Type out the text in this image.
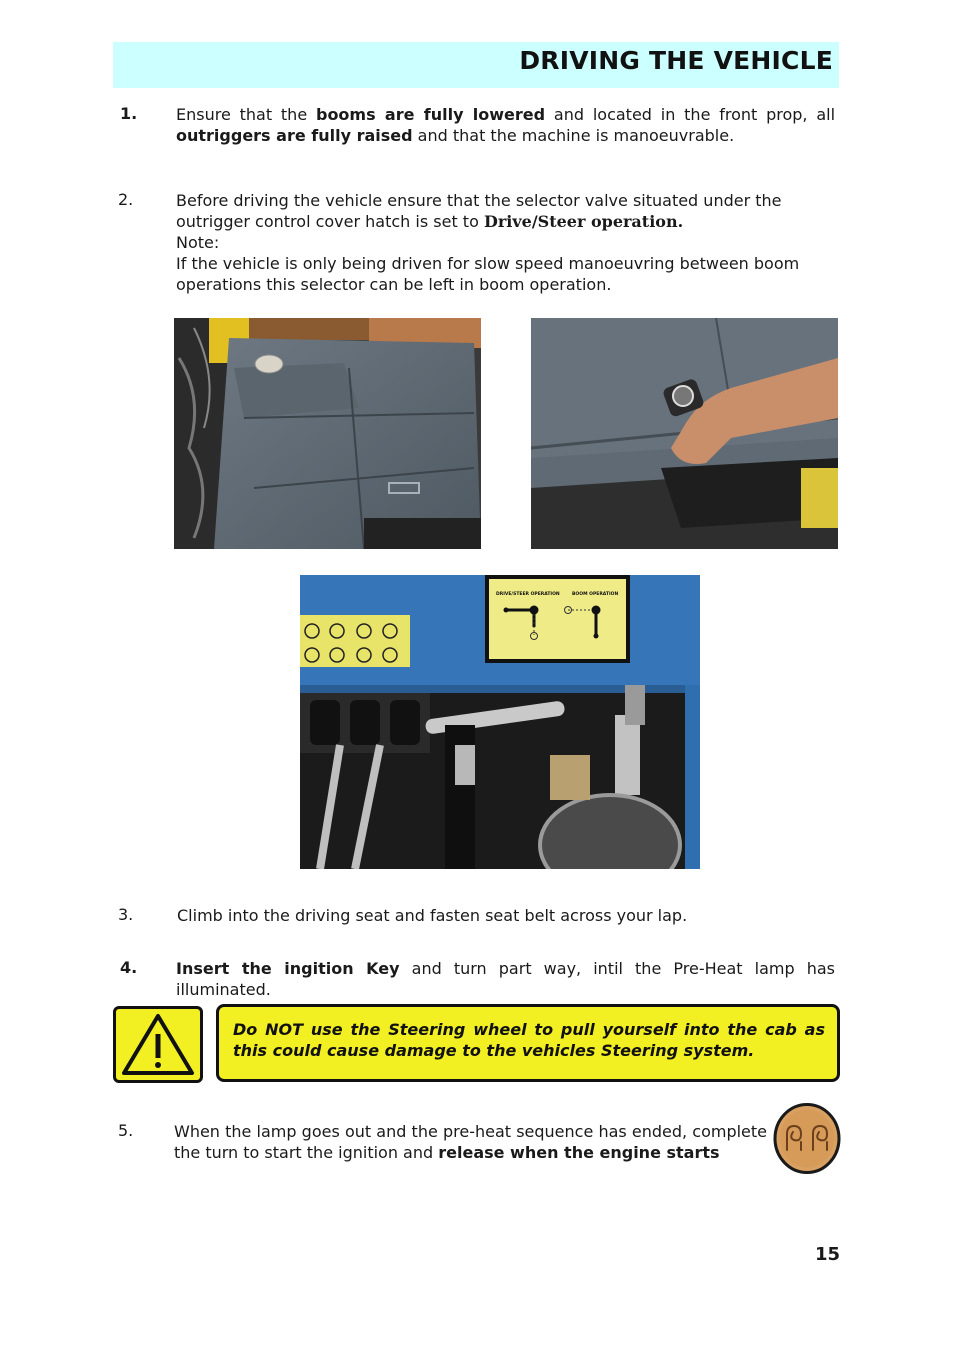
DRIVING THE VEHICLE
1. Ensure that the booms are fully lowered and located in the front prop, all outriggers are fully raised and that the machine is manoeuvrable.
2.	Before driving the vehicle ensure that the selector valve situated under the outrigger control cover hatch is set to Drive/Steer operation.
Note:
If the vehicle is only being driven for slow speed manoeuvring between boom operations this selector can be left in boom operation.
DRIVE/STEER OPERATION	BOOM OPERATION
3.	Climb into the driving seat and fasten seat belt across your lap.
4. Insert the ingition Key and turn part way, intil the Pre-Heat lamp has illuminated.

Do NOT use the Steering wheel to pull yourself into the cab as this could cause damage to the vehicles Steering system.

5.	When the lamp goes out and the pre-heat sequence has ended, complete the turn to start the ignition and release when the engine starts
15
